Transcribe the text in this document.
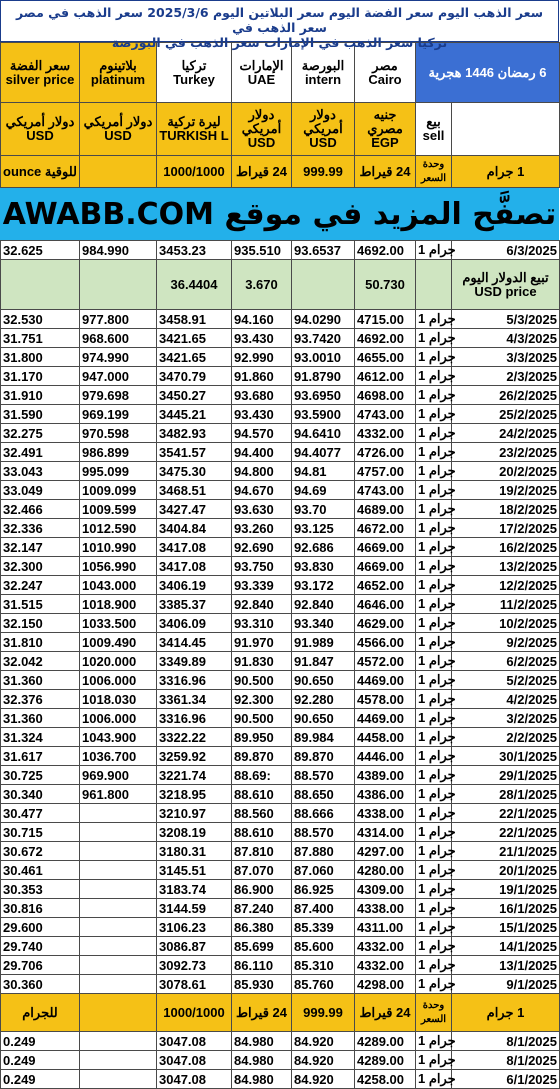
سعر الذهب اليوم سعر الفضة اليوم سعر البلاتين اليوم 2025/3/6 سعر الذهب في مصر سعر الذهب في
تركيا سعر الذهب في الإمارات سعر الذهب في البورصة
سعر الفضة silver price	بلاتينوم platinum	تركيا Turkey	الإمارات UAE	البورصة intern	مصر Cairo	6 رمضان 1446 هجرية	
دولار أمريكي USD	دولار أمريكي USD	ليرة تركية TURKISH L	دولار أمريكي USD	دولار أمريكي USD	جنيه مصري EGP	بيع sell	
للوقية ounce		1000/1000	24 قيراط	999.99	24 قيراط	وحدة السعر	1 جرام
تصفَّح المزيد في موقع AWABB.COM
32.625	984.990	3453.23	935.510	93.6537	4692.00	1 جرام	6/3/2025
		36.4404	3.670		50.730		تبيع الدولار اليوم USD price
32.530	977.800	3458.91	94.160	94.0290	4715.00	1 جرام	5/3/2025
31.751	968.600	3421.65	93.430	93.7420	4692.00	1 جرام	4/3/2025
31.800	974.990	3421.65	92.990	93.0010	4655.00	1 جرام	3/3/2025
31.170	947.000	3470.79	91.860	91.8790	4612.00	1 جرام	2/3/2025
31.910	979.698	3450.27	93.680	93.6950	4698.00	1 جرام	26/2/2025
31.590	969.199	3445.21	93.430	93.5900	4743.00	1 جرام	25/2/2025
32.275	970.598	3482.93	94.570	94.6410	4332.00	1 جرام	24/2/2025
32.491	986.899	3541.57	94.400	94.4077	4726.00	1 جرام	23/2/2025
33.043	995.099	3475.30	94.800	94.81	4757.00	1 جرام	20/2/2025
33.049	1009.099	3468.51	94.670	94.69	4743.00	1 جرام	19/2/2025
32.466	1009.599	3427.47	93.630	93.70	4689.00	1 جرام	18/2/2025
32.336	1012.590	3404.84	93.260	93.125	4672.00	1 جرام	17/2/2025
32.147	1010.990	3417.08	92.690	92.686	4669.00	1 جرام	16/2/2025
32.300	1056.990	3417.08	93.750	93.830	4669.00	1 جرام	13/2/2025
32.247	1043.000	3406.19	93.339	93.172	4652.00	1 جرام	12/2/2025
31.515	1018.900	3385.37	92.840	92.840	4646.00	1 جرام	11/2/2025
32.150	1033.500	3406.09	93.310	93.340	4629.00	1 جرام	10/2/2025
31.810	1009.490	3414.45	91.970	91.989	4566.00	1 جرام	9/2/2025
32.042	1020.000	3349.89	91.830	91.847	4572.00	1 جرام	6/2/2025
31.360	1006.000	3316.96	90.500	90.650	4469.00	1 جرام	5/2/2025
32.376	1018.030	3361.34	92.300	92.280	4578.00	1 جرام	4/2/2025
31.360	1006.000	3316.96	90.500	90.650	4469.00	1 جرام	3/2/2025
31.324	1043.900	3322.22	89.950	89.984	4458.00	1 جرام	2/2/2025
31.617	1036.700	3259.92	89.870	89.870	4446.00	1 جرام	30/1/2025
30.725	969.900	3221.74	88.69:	88.570	4389.00	1 جرام	29/1/2025
30.340	961.800	3218.95	88.610	88.650	4386.00	1 جرام	28/1/2025
30.477		3210.97	88.560	88.666	4338.00	1 جرام	22/1/2025
30.715		3208.19	88.610	88.570	4314.00	1 جرام	22/1/2025
30.672		3180.31	87.810	87.880	4297.00	1 جرام	21/1/2025
30.461		3145.51	87.070	87.060	4280.00	1 جرام	20/1/2025
30.353		3183.74	86.900	86.925	4309.00	1 جرام	19/1/2025
30.816		3144.59	87.240	87.400	4338.00	1 جرام	16/1/2025
29.600		3106.23	86.380	85.339	4311.00	1 جرام	15/1/2025
29.740		3086.87	85.699	85.600	4332.00	1 جرام	14/1/2025
29.706		3092.73	86.110	85.310	4332.00	1 جرام	13/1/2025
30.360		3078.61	85.930	85.760	4298.00	1 جرام	9/1/2025
للجرام		1000/1000	24 قيراط	999.99	24 قيراط	وحدة السعر	1 جرام
0.249		3047.08	84.980	84.920	4289.00	1 جرام	8/1/2025
0.249		3047.08	84.980	84.920	4289.00	1 جرام	8/1/2025
0.249		3047.08	84.980	84.920	4258.00	1 جرام	6/1/2025
